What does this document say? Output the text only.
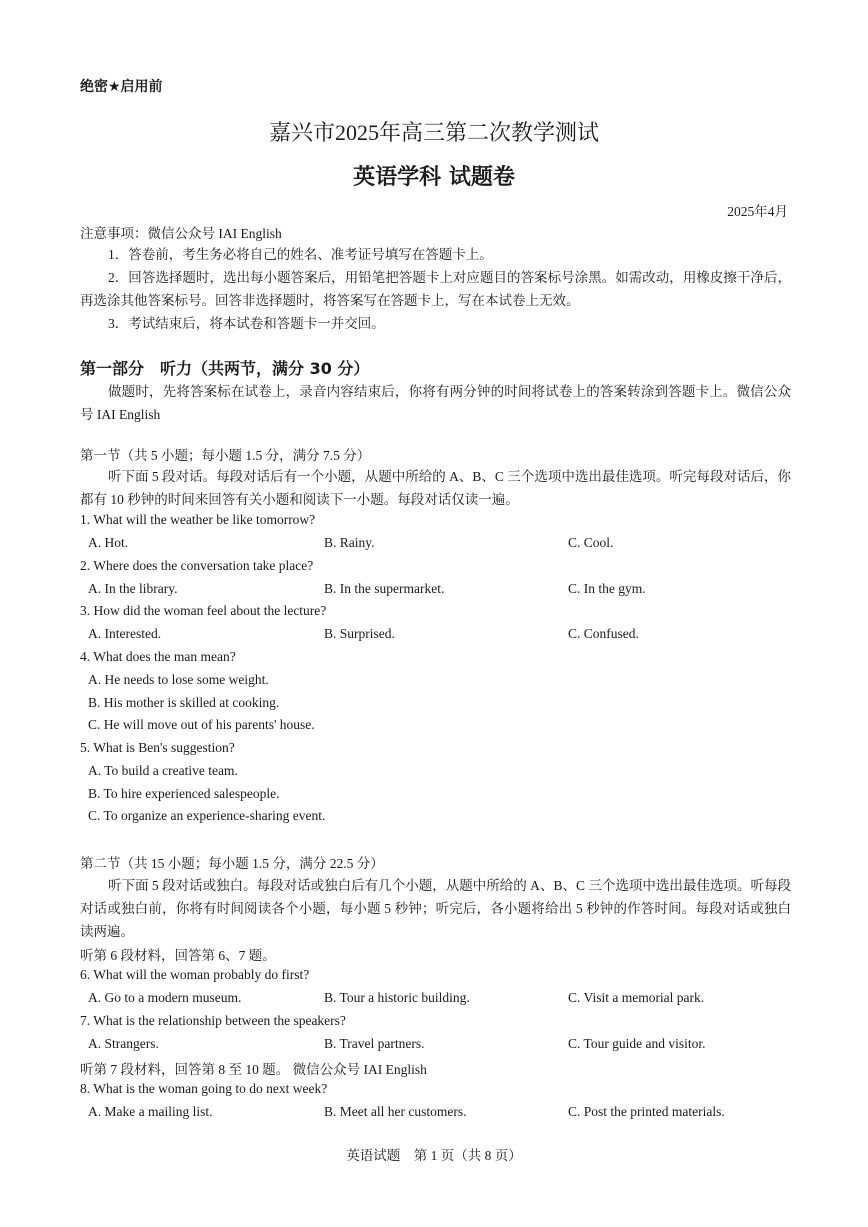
绝密★启用前
嘉兴市2025年高三第二次教学测试
英语学科 试题卷
2025年4月
注意事项：微信公众号 IAI English
1．答卷前，考生务必将自己的姓名、准考证号填写在答题卡上。
2．回答选择题时，选出每小题答案后，用铅笔把答题卡上对应题目的答案标号涂黑。如需改动，用橡皮擦干净后，再选涂其他答案标号。回答非选择题时，将答案写在答题卡上，写在本试卷上无效。
3．考试结束后，将本试卷和答题卡一并交回。
第一部分　听力（共两节，满分 30 分）
做题时，先将答案标在试卷上，录音内容结束后，你将有两分钟的时间将试卷上的答案转涂到答题卡上。微信公众号 IAI English
第一节（共 5 小题；每小题 1.5 分，满分 7.5 分）
听下面 5 段对话。每段对话后有一个小题，从题中所给的 A、B、C 三个选项中选出最佳选项。听完每段对话后，你都有 10 秒钟的时间来回答有关小题和阅读下一小题。每段对话仅读一遍。
1. What will the weather be like tomorrow?
A. Hot.	B. Rainy.	C. Cool.
2. Where does the conversation take place?
A. In the library.	B. In the supermarket.	C. In the gym.
3. How did the woman feel about the lecture?
A. Interested.	B. Surprised.	C. Confused.
4. What does the man mean?
A. He needs to lose some weight.
B. His mother is skilled at cooking.
C. He will move out of his parents' house.
5. What is Ben's suggestion?
A. To build a creative team.
B. To hire experienced salespeople.
C. To organize an experience-sharing event.
第二节（共 15 小题；每小题 1.5 分，满分 22.5 分）
听下面 5 段对话或独白。每段对话或独白后有几个小题，从题中所给的 A、B、C 三个选项中选出最佳选项。听每段对话或独白前，你将有时间阅读各个小题，每小题 5 秒钟；听完后，各小题将给出 5 秒钟的作答时间。每段对话或独白读两遍。
听第 6 段材料，回答第 6、7 题。
6. What will the woman probably do first?
A. Go to a modern museum.	B. Tour a historic building.	C. Visit a memorial park.
7. What is the relationship between the speakers?
A. Strangers.	B. Travel partners.	C. Tour guide and visitor.
听第 7 段材料，回答第 8 至 10 题。 微信公众号 IAI English
8. What is the woman going to do next week?
A. Make a mailing list.	B. Meet all her customers.	C. Post the printed materials.
英语试题　第 1 页（共 8 页）
